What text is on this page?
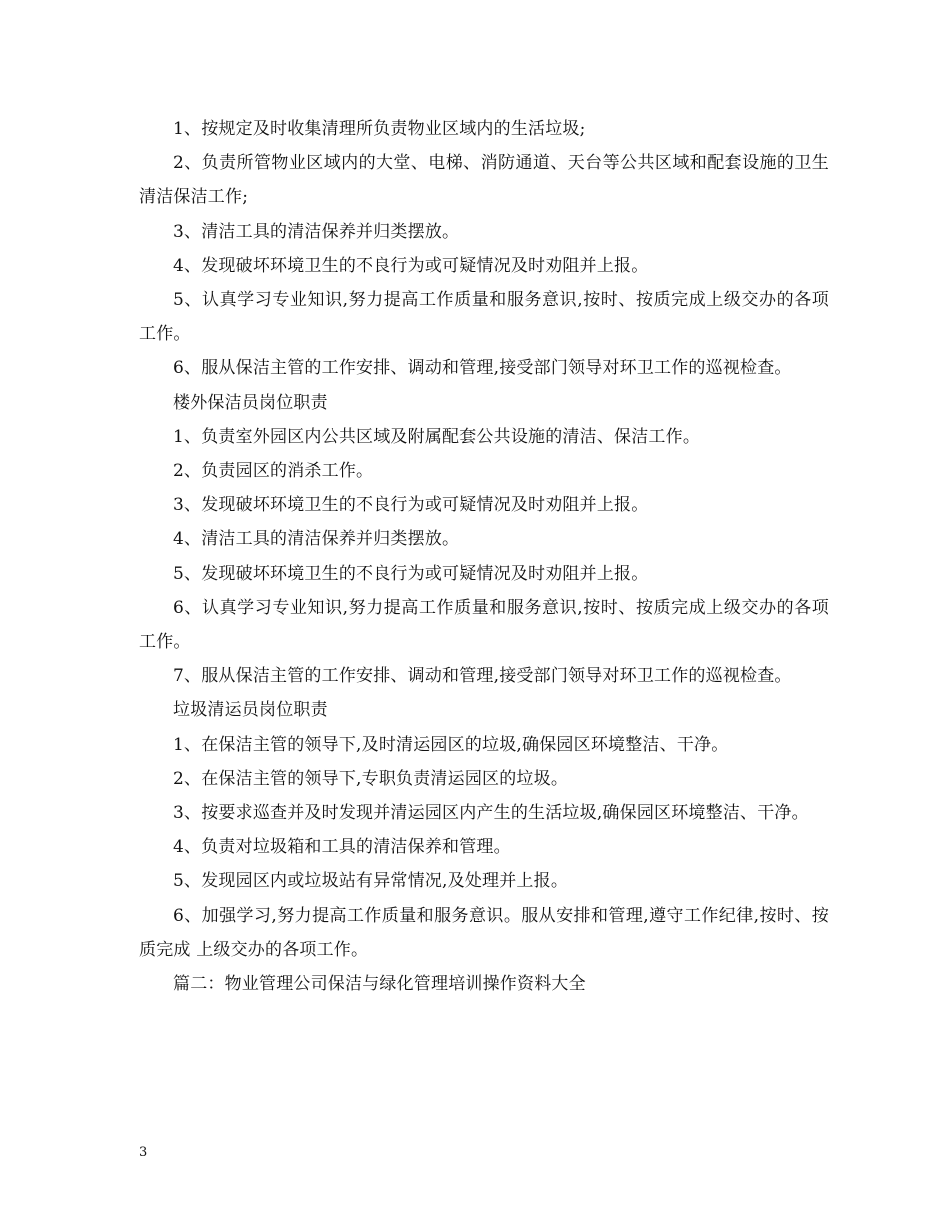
1、按规定及时收集清理所负责物业区域内的生活垃圾;

2、负责所管物业区域内的大堂、电梯、消防通道、天台等公共区域和配套设施的卫生清洁保洁工作;

3、清洁工具的清洁保养并归类摆放。

4、发现破坏环境卫生的不良行为或可疑情况及时劝阻并上报。

5、认真学习专业知识,努力提高工作质量和服务意识,按时、按质完成上级交办的各项工作。

6、服从保洁主管的工作安排、调动和管理,接受部门领导对环卫工作的巡视检查。

楼外保洁员岗位职责

1、负责室外园区内公共区域及附属配套公共设施的清洁、保洁工作。

2、负责园区的消杀工作。

3、发现破坏环境卫生的不良行为或可疑情况及时劝阻并上报。

4、清洁工具的清洁保养并归类摆放。

5、发现破坏环境卫生的不良行为或可疑情况及时劝阻并上报。

6、认真学习专业知识,努力提高工作质量和服务意识,按时、按质完成上级交办的各项工作。

7、服从保洁主管的工作安排、调动和管理,接受部门领导对环卫工作的巡视检查。

垃圾清运员岗位职责

1、在保洁主管的领导下,及时清运园区的垃圾,确保园区环境整洁、干净。

2、在保洁主管的领导下,专职负责清运园区的垃圾。

3、按要求巡查并及时发现并清运园区内产生的生活垃圾,确保园区环境整洁、干净。

4、负责对垃圾箱和工具的清洁保养和管理。

5、发现园区内或垃圾站有异常情况,及处理并上报。

6、加强学习,努力提高工作质量和服务意识。服从安排和管理,遵守工作纪律,按时、按质完成 上级交办的各项工作。

篇二：物业管理公司保洁与绿化管理培训操作资料大全

3
